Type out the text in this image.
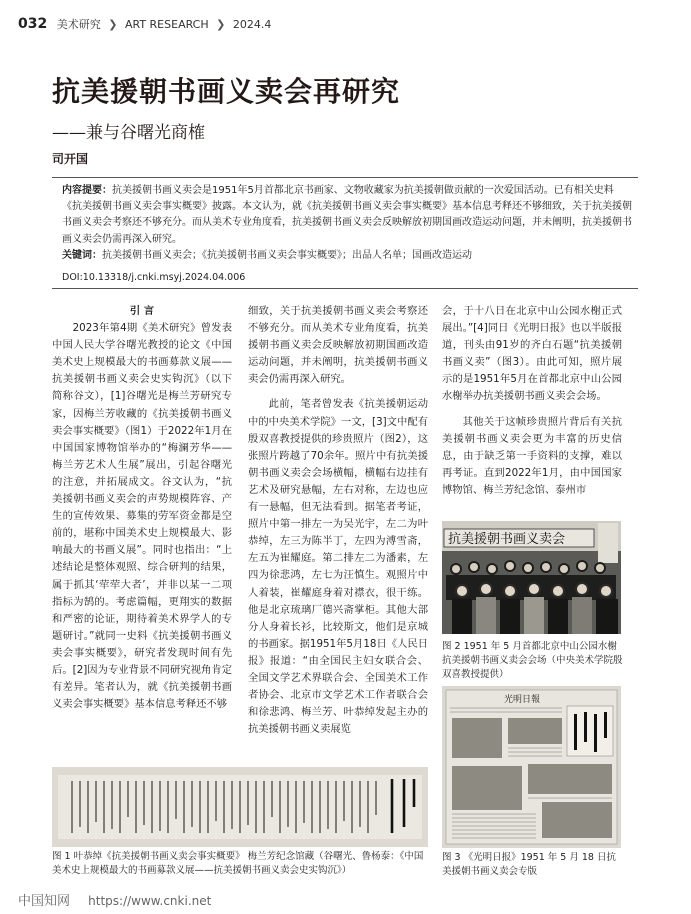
032 美术研究 ❯ ART RESEARCH ❯ 2024.4
抗美援朝书画义卖会再研究
——兼与谷曙光商榷
司开国
内容提要：抗美援朝书画义卖会是1951年5月首都北京书画家、文物收藏家为抗美援朝做贡献的一次爱国活动。已有相关史料《抗美援朝书画义卖会事实概要》披露。本文认为，就《抗美援朝书画义卖会事实概要》基本信息考释还不够细致，关于抗美援朝书画义卖会考察还不够充分。而从美术专业角度看，抗美援朝书画义卖会反映解放初期国画改造运动问题，并未阐明，抗美援朝书画义卖会仍需再深入研究。
关键词：抗美援朝书画义卖会；《抗美援朝书画义卖会事实概要》；出品人名单；国画改造运动
DOI:10.13318/j.cnki.msyj.2024.04.006

引 言

2023年第4期《美术研究》曾发表中国人民大学谷曙光教授的论文《中国美术史上规模最大的书画募款义展——抗美援朝书画义卖会史实钩沉》（以下简称谷文），[1]谷曙光是梅兰芳研究专家，因梅兰芳收藏的《抗美援朝书画义卖会事实概要》（图1）于2022年1月在中国国家博物馆举办的“梅澜芳华——梅兰芳艺术人生展”展出，引起谷曙光的注意，并拓展成文。谷文认为，“抗美援朝书画义卖会的声势规模阵容、产生的宣传效果、募集的劳军资金都是空前的，堪称中国美术史上规模最大、影响最大的书画义展”。同时也指出：“上述结论是整体观照、综合研判的结果，属于抓其‘荦荦大者’，并非以某一二项指标为鹄的。考虑篇幅，更翔实的数据和严密的论证，期待着美术界学人的专题研讨。”就同一史料《抗美援朝书画义卖会事实概要》，研究者发现时间有先后。[2]因为专业背景不同研究视角肯定有差异。笔者认为，就《抗美援朝书画义卖会事实概要》基本信息考释还不够

细致，关于抗美援朝书画义卖会考察还不够充分。而从美术专业角度看，抗美援朝书画义卖会反映解放初期国画改造运动问题，并未阐明，抗美援朝书画义卖会仍需再深入研究。

此前，笔者曾发表《抗美援朝运动中的中央美术学院》一文，[3]文中配有殷双喜教授提供的珍贵照片（图2），这张照片跨越了70余年。照片中有抗美援朝书画义卖会会场横幅，横幅右边挂有艺术及研究悬幅，左右对称，左边也应有一悬幅，但无法看到。据笔者考证，照片中第一排左一为吴光宇，左二为叶恭绰，左三为陈半丁，左四为溥雪斋，左五为崔耀庭。第二排左二为潘素，左四为徐悲鸿，左七为汪慎生。观照片中人着装，崔耀庭身着对襟衣，很干练。他是北京琉璃厂德兴斋掌柜。其他大部分人身着长衫，比较斯文，他们是京城的书画家。据1951年5月18日《人民日报》报道：“由全国民主妇女联合会、全国文学艺术界联合会、全国美术工作者协会、北京市文学艺术工作者联合会和徐悲鸿、梅兰芳、叶恭绰发起主办的抗美援朝书画义卖展览

会，于十八日在北京中山公园水榭正式展出。”[4]同日《光明日报》也以半版报道，刊头由91岁的齐白石题“抗美援朝书画义卖”（图3）。由此可知，照片展示的是1951年5月在首都北京中山公园水榭举办抗美援朝书画义卖会会场。

其他关于这帧珍贵照片背后有关抗美援朝书画义卖会更为丰富的历史信息，由于缺乏第一手资料的支撑，难以再考证。直到2022年1月，由中国国家博物馆、梅兰芳纪念馆、泰州市

图 1 叶恭绰《抗美援朝书画义卖会事实概要》 梅兰芳纪念馆藏（谷曙光、鲁杨泰：《中国美术史上规模最大的书画募款义展——抗美援朝书画义卖会史实钩沉》）
抗美援朝书画义卖会
图 2 1951 年 5 月首都北京中山公园水榭抗美援朝书画义卖会会场（中央美术学院殷双喜教授提供）
光明日報
图 3 《光明日报》1951 年 5 月 18 日抗美援朝书画义卖会专版
中国知网 https://www.cnki.net
